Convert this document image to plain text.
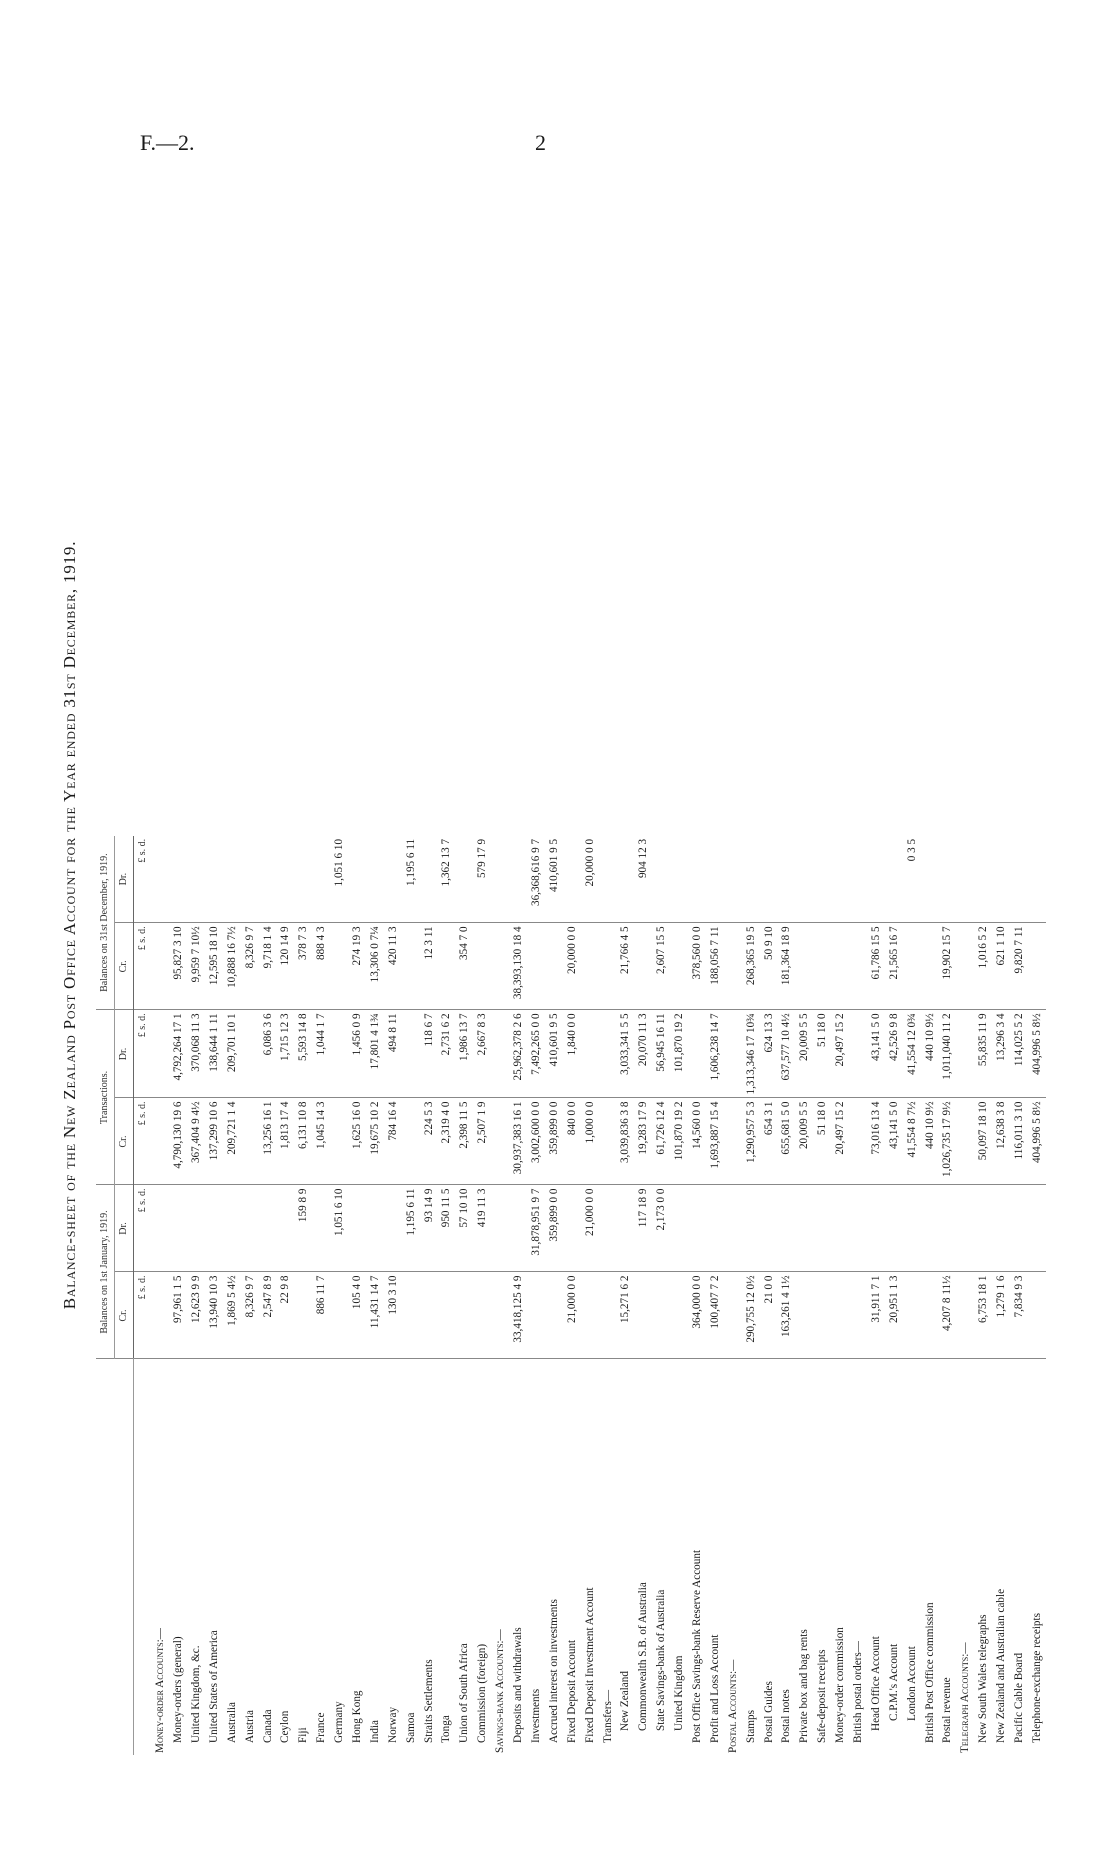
F.—2.	2
Balance-sheet of the New Zealand Post Office Account for the Year ended 31st December, 1919.
	Balances on 1st January, 1919.		Transactions.		Balances on 31st December, 1919.	
	Cr.	Dr.	Cr.	Dr.	Cr.	Dr.
	£ s. d.	£ s. d.	£ s. d.	£ s. d.	£ s. d.	£ s. d.
Money-order Accounts:—						
Money-orders (general)	97,961 1 5		4,790,130 19 6	4,792,264 17 1	95,827 3 10	
United Kingdom, &c.	12,623 9 9		367,404 9 4½	370,068 11 3	9,959 7 10½	
United States of America	13,940 10 3		137,299 10 6	138,644 1 11	12,595 18 10	
Australia	1,869 5 4½		209,721 1 4	209,701 10 1	10,888 16 7½	
Austria	8,326 9 7				8,326 9 7	
Canada	2,547 8 9		13,256 16 1	6,086 3 6	9,718 1 4	
Ceylon	22 9 8		1,813 17 4	1,715 12 3	120 14 9	
Fiji		159 8 9	6,131 10 8	5,593 14 8	378 7 3	
France	886 11 7		1,045 14 3	1,044 1 7	888 4 3	
Germany		1,051 6 10				1,051 6 10
Hong Kong	105 4 0		1,625 16 0	1,456 0 9	274 19 3	
India	11,431 14 7		19,675 10 2	17,801 4 1¾	13,306 0 7¼	
Norway	130 3 10		784 16 4	494 8 11	420 11 3	
Samoa		1,195 6 11				1,195 6 11
Straits Settlements		93 14 9	224 5 3	118 6 7	12 3 11	
Tonga		950 11 5	2,319 4 0	2,731 6 2		1,362 13 7
Union of South Africa		57 10 10	2,398 11 5	1,986 13 7	354 7 0	
Commission (foreign)		419 11 3	2,507 1 9	2,667 8 3		579 17 9
Savings-bank Accounts:—						
Deposits and withdrawals	33,418,125 4 9		30,937,383 16 1	25,962,378 2 6	38,393,130 18 4	
Investments		31,878,951 9 7	3,002,600 0 0	7,492,265 0 0		36,368,616 9 7
Accrued interest on investments		359,899 0 0	359,899 0 0	410,601 9 5		410,601 9 5
Fixed Deposit Account	21,000 0 0		840 0 0	1,840 0 0	20,000 0 0	
Fixed Deposit Investment Account		21,000 0 0	1,000 0 0			20,000 0 0
Transfers—						
New Zealand	15,271 6 2		3,039,836 3 8	3,033,341 5 5	21,766 4 5	
Commonwealth S.B. of Australia		117 18 9	19,283 17 9	20,070 11 3		904 12 3
State Savings-bank of Australia		2,173 0 0	61,726 12 4	56,945 16 11	2,607 15 5	
United Kingdom			101,870 19 2	101,870 19 2		
Post Office Savings-bank Reserve Account	364,000 0 0		14,560 0 0		378,560 0 0	
Profit and Loss Account	100,407 7 2		1,693,887 15 4	1,606,238 14 7	188,056 7 11	
Postal Accounts:—						
Stamps	290,755 12 0½		1,290,957 5 3	1,313,346 17 10¾	268,365 19 5	
Postal Guides	21 0 0		654 3 1	624 13 3	50 9 10	
Postal notes	163,261 4 1½		655,681 5 0	637,577 10 4½	181,364 18 9	
Private box and bag rents			20,009 5 5	20,009 5 5		
Safe-deposit receipts			51 18 0	51 18 0		
Money-order commission			20,497 15 2	20,497 15 2		
British postal orders—						
Head Office Account	31,911 7 1		73,016 13 4	43,141 5 0	61,786 15 5	
C.P.M.'s Account	20,951 1 3		43,141 5 0	42,526 9 8	21,565 16 7	
London Account			41,554 8 7½	41,554 12 0¾		0 3 5
British Post Office commission			440 10 9½	440 10 9½		
Postal revenue	4,207 8 11½		1,026,735 17 9½	1,011,040 11 2	19,902 15 7	
Telegraph Accounts:—						
New South Wales telegraphs	6,753 18 1		50,097 18 10	55,835 11 9	1,016 5 2	
New Zealand and Australian cable	1,279 1 6		12,638 3 8	13,296 3 4	621 1 10	
Pacific Cable Board	7,834 9 3		116,011 3 10	114,025 5 2	9,820 7 11	
Telephone-exchange receipts			404,996 5 8½	404,996 5 8½		
